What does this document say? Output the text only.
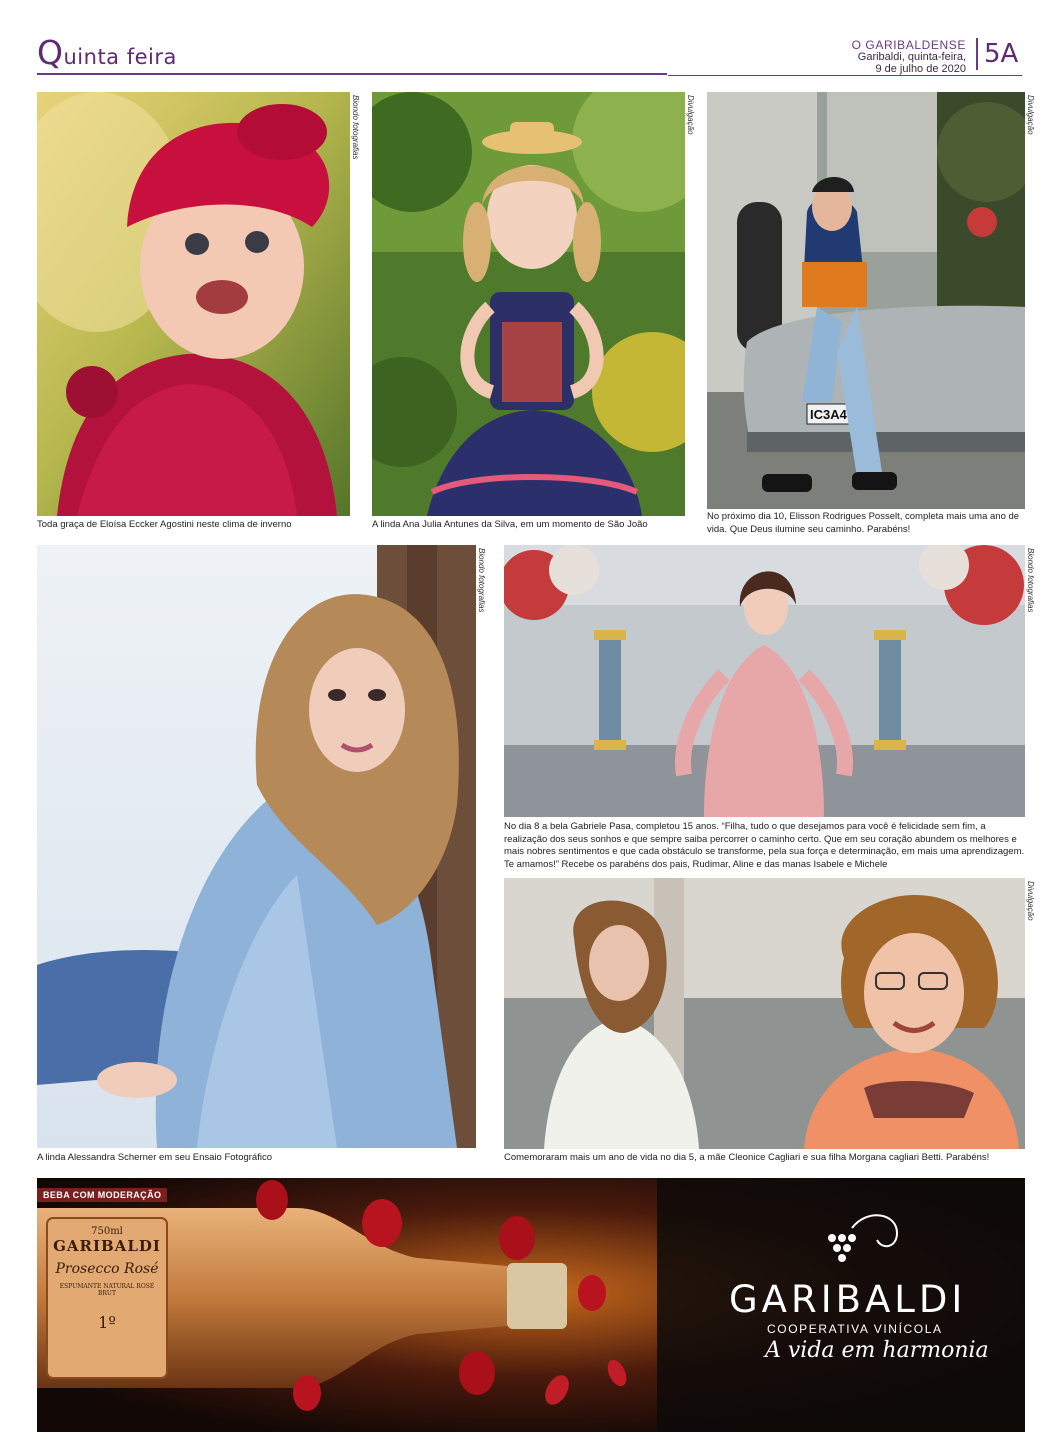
Quinta feira	O GARIBALDENSE
Garibaldi, quinta-feira,
9 de julho de 2020 5A
Biondo fotografias
Toda graça de Eloísa Eccker Agostini neste clima de inverno
Divulgação
A linda Ana Julia Antunes da Silva, em um momento de São João
IC3A4
Divulgação
No próximo dia 10, Elisson Rodrigues Posselt, completa mais uma ano de vida. Que Deus ilumine seu caminho. Parabéns!
Biondo fotografias
A linda Alessandra Scherner em seu Ensaio Fotográfico
Biondo fotografias
No dia 8 a bela Gabriele Pasa, completou 15 anos. “Filha, tudo o que desejamos para você é felicidade sem fim, a realização dos seus sonhos e que sempre saiba percorrer o caminho certo. Que em seu coração abundem os melhores e mais nobres sentimentos e que cada obstáculo se transforme, pela sua força e determinação, em mais uma aprendizagem. Te amamos!” Recebe os parabéns dos pais, Rudimar, Aline e das manas Isabele e Michele
Divulgação
Comemoraram mais um ano de vida no dia 5, a mãe Cleonice Cagliari e sua filha Morgana cagliari Betti. Parabéns!
BEBA COM MODERAÇÃO
750ml
GARIBALDI
Prosecco Rosé
ESPUMANTE NATURAL ROSÉ BRUT
1º
GARIBALDI
COOPERATIVA VINÍCOLA
A vida em harmonia
